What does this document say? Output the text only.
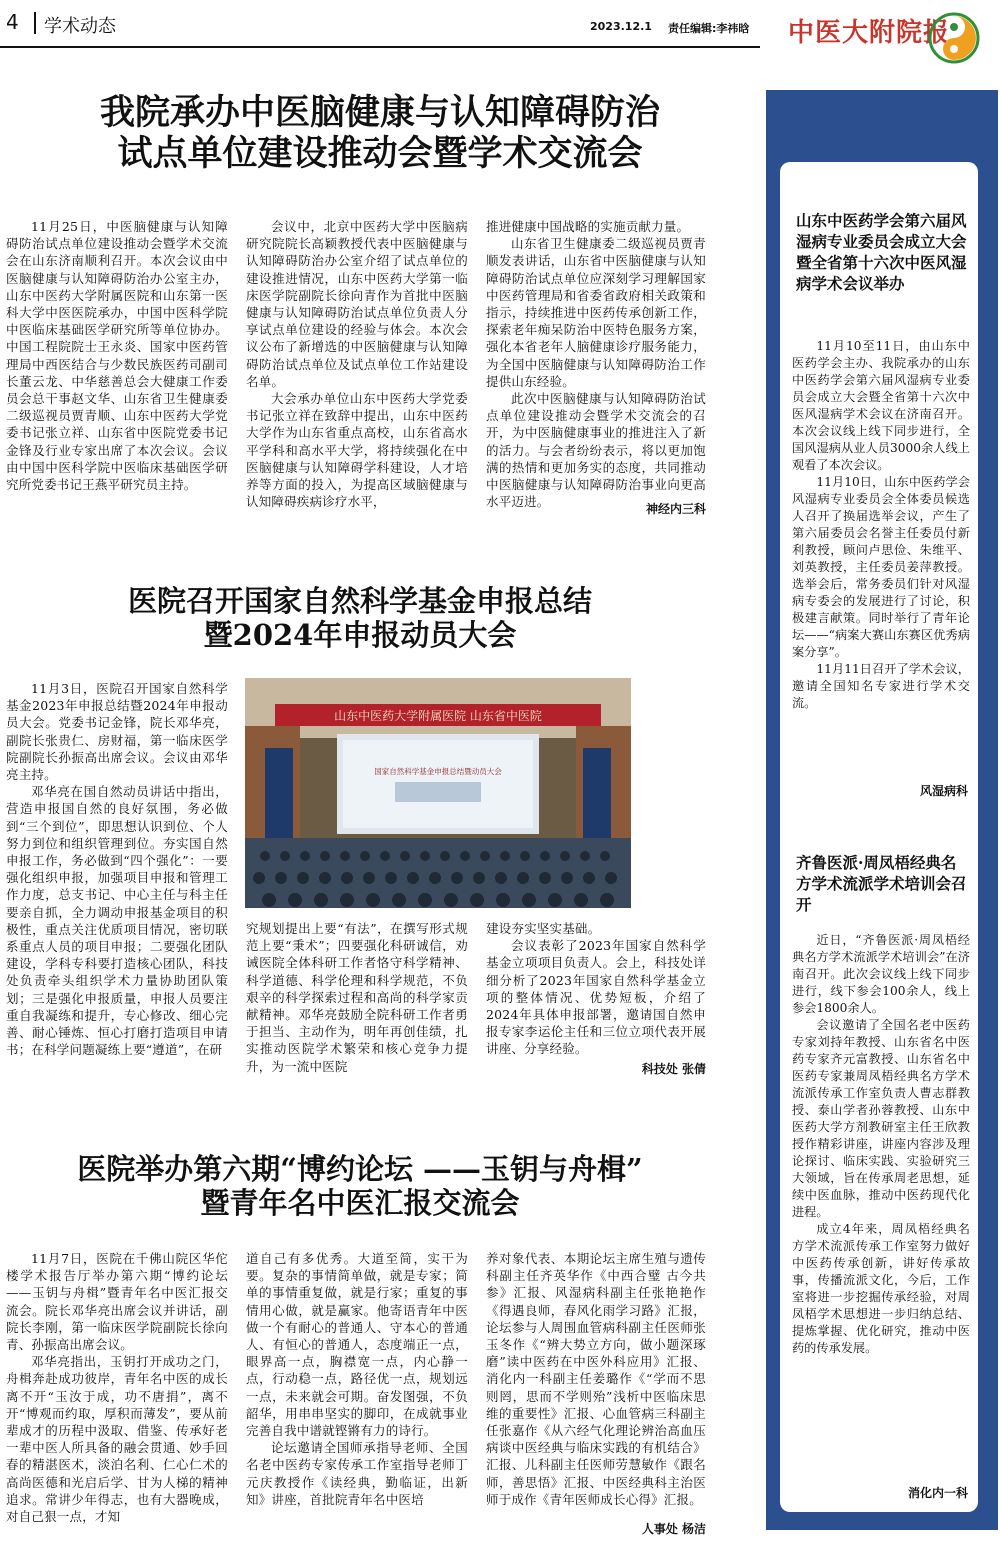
4 学术动态	2023.12.1 责任编辑:李祎晗 中医大附院报
我院承办中医脑健康与认知障碍防治
试点单位建设推动会暨学术交流会

11月25日，中医脑健康与认知障碍防治试点单位建设推动会暨学术交流会在山东济南顺利召开。本次会议由中医脑健康与认知障碍防治办公室主办，山东中医药大学附属医院和山东第一医科大学中医医院承办，中国中医科学院中医临床基础医学研究所等单位协办。中国工程院院士王永炎、国家中医药管理局中西医结合与少数民族医药司副司长董云龙、中华慈善总会大健康工作委员会总干事赵文华、山东省卫生健康委二级巡视员贾青顺、山东中医药大学党委书记张立祥、山东省中医院党委书记金锋及行业专家出席了本次会议。会议由中国中医科学院中医临床基础医学研究所党委书记王燕平研究员主持。

会议中，北京中医药大学中医脑病研究院院长高颖教授代表中医脑健康与认知障碍防治办公室介绍了试点单位的建设推进情况，山东中医药大学第一临床医学院副院长徐向青作为首批中医脑健康与认知障碍防治试点单位负责人分享试点单位建设的经验与体会。本次会议公布了新增选的中医脑健康与认知障碍防治试点单位及试点单位工作站建设名单。

大会承办单位山东中医药大学党委书记张立祥在致辞中提出，山东中医药大学作为山东省重点高校，山东省高水平学科和高水平大学，将持续强化在中医脑健康与认知障碍学科建设，人才培养等方面的投入，为提高区域脑健康与认知障碍疾病诊疗水平，

推进健康中国战略的实施贡献力量。

山东省卫生健康委二级巡视员贾青顺发表讲话，山东省中医脑健康与认知障碍防治试点单位应深刻学习理解国家中医药管理局和省委省政府相关政策和指示，持续推进中医药传承创新工作，探索老年痴呆防治中医特色服务方案，强化本省老年人脑健康诊疗服务能力，为全国中医脑健康与认知障碍防治工作提供山东经验。

此次中医脑健康与认知障碍防治试点单位建设推动会暨学术交流会的召开，为中医脑健康事业的推进注入了新的活力。与会者纷纷表示，将以更加饱满的热情和更加务实的态度，共同推动中医脑健康与认知障碍防治事业向更高水平迈进。	神经内三科
医院召开国家自然科学基金申报总结
暨2024年申报动员大会

11月3日，医院召开国家自然科学基金2023年申报总结暨2024年申报动员大会。党委书记金锋，院长邓华亮，副院长张贵仁、房财福，第一临床医学院副院长孙振高出席会议。会议由邓华亮主持。

邓华亮在国自然动员讲话中指出，营造申报国自然的良好氛围，务必做到“三个到位”，即思想认识到位、个人努力到位和组织管理到位。夯实国自然申报工作，务必做到“四个强化”：一要强化组织申报，加强项目申报和管理工作力度，总支书记、中心主任与科主任要亲自抓，全力调动申报基金项目的积极性，重点关注优质项目情况，密切联系重点人员的项目申报；二要强化团队建设，学科专科要打造核心团队，科技处负责牵头组织学术力量协助团队策划；三是强化申报质量，申报人员要注重自我凝练和提升，专心修改、细心完善、耐心锤炼、恒心打磨打造项目申请书；在科学问题凝练上要“遵道”，在研

山东中医药大学附属医院 山东省中医院
国家自然科学基金申报总结暨动员大会

究规划提出上要“有法”，在撰写形式规范上要“秉术”；四要强化科研诚信，劝诫医院全体科研工作者恪守科学精神、科学道德、科学伦理和科学规范，不负艰辛的科学探索过程和高尚的科学家贡献精神。邓华亮鼓励全院科研工作者勇于担当、主动作为，明年再创佳绩，扎实推动医院学术繁荣和核心竞争力提升，为一流中医院

建设夯实坚实基础。

会议表彰了2023年国家自然科学基金立项项目负责人。会上，科技处详细分析了2023年国家自然科学基金立项的整体情况、优势短板，介绍了2024年具体申报部署，邀请国自然申报专家李运伦主任和三位立项代表开展讲座、分享经验。

科技处 张倩
医院举办第六期“博约论坛 ——玉钥与舟楫”
暨青年名中医汇报交流会

11月7日，医院在千佛山院区华佗楼学术报告厅举办第六期“博约论坛——玉钥与舟楫”暨青年名中医汇报交流会。院长邓华亮出席会议并讲话，副院长李刚，第一临床医学院副院长徐向青、孙振高出席会议。

邓华亮指出，玉钥打开成功之门，舟楫奔赴成功彼岸，青年名中医的成长离不开“玉汝于成，功不唐捐”，离不开“博观而约取，厚积而薄发”，要从前辈成才的历程中汲取、借鉴、传承好老一辈中医人所具备的融会贯通、妙手回春的精湛医术，淡泊名利、仁心仁术的高尚医德和光启后学、甘为人梯的精神追求。常讲少年得志，也有大器晚成，对自己狠一点，才知

道自己有多优秀。大道至简，实干为要。复杂的事情简单做，就是专家；简单的事情重复做，就是行家；重复的事情用心做，就是赢家。他寄语青年中医做一个有耐心的普通人、守本心的普通人、有恒心的普通人，态度端正一点，眼界高一点，胸襟宽一点，内心静一点，行动稳一点，路径优一点，规划远一点，未来就会可期。奋发图强，不负韶华，用串串坚实的脚印，在成就事业完善自我中谱就铿锵有力的诗行。

论坛邀请全国师承指导老师、全国名老中医药专家传承工作室指导老师丁元庆教授作《读经典，勤临证，出新知》讲座，首批院青年名中医培

养对象代表、本期论坛主席生殖与遗传科副主任齐英华作《中西合璧 古今共参》汇报、风湿病科副主任张艳艳作《得遇良师，春风化雨学习路》汇报，论坛参与人周围血管病科副主任医师张玉冬作《“辨大势立方向，做小题深琢磨”读中医药在中医外科应用》汇报、消化内一科副主任姜璐作《“学而不思则罔，思而不学则殆”浅析中医临床思维的重要性》汇报、心血管病三科副主任张嘉作《从六经气化理论辨治高血压病谈中医经典与临床实践的有机结合》汇报、儿科副主任医师劳慧敏作《跟名师，善思悟》汇报、中医经典科主治医师于成作《青年医师成长心得》汇报。

人事处 杨洁
山东中医药学会第六届风湿病专业委员会成立大会暨全省第十六次中医风湿病学术会议举办

11月10至11日，由山东中医药学会主办、我院承办的山东中医药学会第六届风湿病专业委员会成立大会暨全省第十六次中医风湿病学术会议在济南召开。本次会议线上线下同步进行，全国风湿病从业人员3000余人线上观看了本次会议。

11月10日，山东中医药学会风湿病专业委员会全体委员候选人召开了换届选举会议，产生了第六届委员会名誉主任委员付新利教授，顾问卢思俭、朱维平、刘英教授，主任委员姜萍教授。选举会后，常务委员们针对风湿病专委会的发展进行了讨论，积极建言献策。同时举行了青年论坛——“病案大赛山东赛区优秀病案分享”。

11月11日召开了学术会议，邀请全国知名专家进行学术交流。

风湿病科
齐鲁医派·周凤梧经典名方学术流派学术培训会召开

近日，“齐鲁医派·周凤梧经典名方学术流派学术培训会”在济南召开。此次会议线上线下同步进行，线下参会100余人，线上参会1800余人。

会议邀请了全国名老中医药专家刘持年教授、山东省名中医药专家齐元富教授、山东省名中医药专家兼周凤梧经典名方学术流派传承工作室负责人曹志群教授、泰山学者孙蓉教授、山东中医药大学方剂教研室主任王欣教授作精彩讲座，讲座内容涉及理论探讨、临床实践、实验研究三大领域，旨在传承周老思想，延续中医血脉，推动中医药现代化进程。

成立4年来，周凤梧经典名方学术流派传承工作室努力做好中医药传承创新，讲好传承故事，传播流派文化，今后，工作室将进一步挖掘传承经验，对周凤梧学术思想进一步归纳总结、提炼掌握、优化研究，推动中医药的传承发展。

消化内一科
